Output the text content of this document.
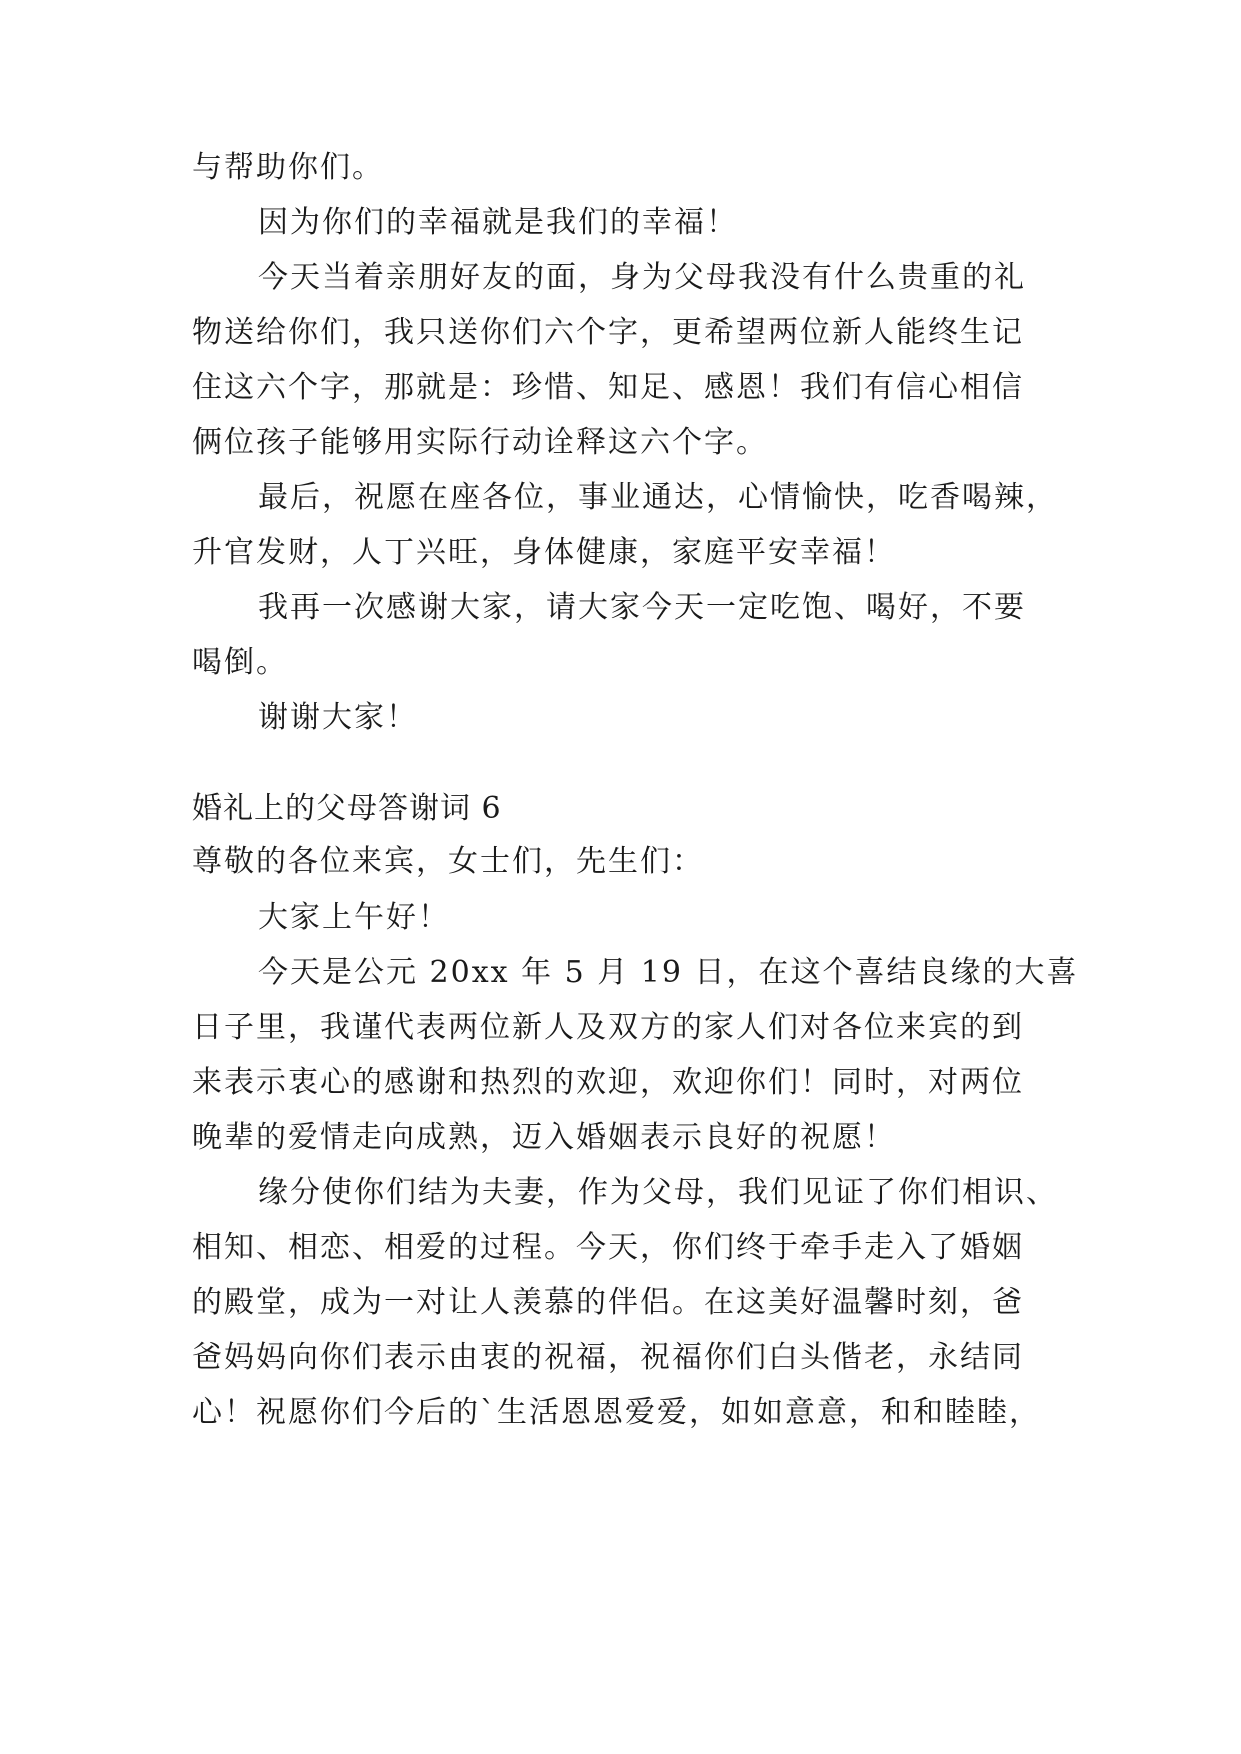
与帮助你们。
因为你们的幸福就是我们的幸福！
今天当着亲朋好友的面，身为父母我没有什么贵重的礼
物送给你们，我只送你们六个字，更希望两位新人能终生记
住这六个字，那就是：珍惜、知足、感恩！我们有信心相信
俩位孩子能够用实际行动诠释这六个字。
最后，祝愿在座各位，事业通达，心情愉快，吃香喝辣，
升官发财，人丁兴旺，身体健康，家庭平安幸福！
我再一次感谢大家，请大家今天一定吃饱、喝好，不要
喝倒。
谢谢大家！
婚礼上的父母答谢词 6
尊敬的各位来宾，女士们，先生们：
大家上午好！
今天是公元 20xx 年 5 月 19 日，在这个喜结良缘的大喜
日子里，我谨代表两位新人及双方的家人们对各位来宾的到
来表示衷心的感谢和热烈的欢迎，欢迎你们！同时，对两位
晚辈的爱情走向成熟，迈入婚姻表示良好的祝愿！
缘分使你们结为夫妻，作为父母，我们见证了你们相识、
相知、相恋、相爱的过程。今天，你们终于牵手走入了婚姻
的殿堂，成为一对让人羡慕的伴侣。在这美好温馨时刻，爸
爸妈妈向你们表示由衷的祝福，祝福你们白头偕老，永结同
心！祝愿你们今后的`生活恩恩爱爱，如如意意，和和睦睦，
